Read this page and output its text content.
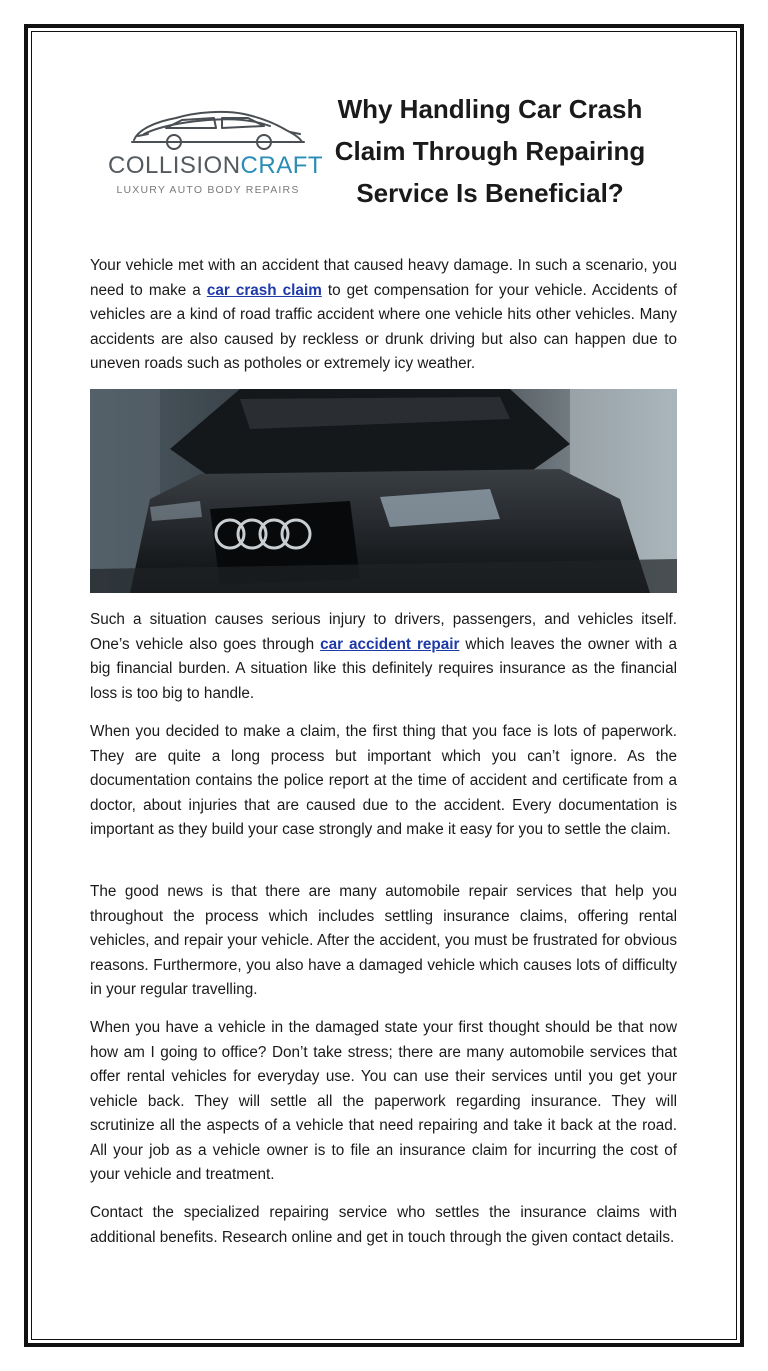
COLLISIONCRAFT
LUXURY AUTO BODY REPAIRS
Why Handling Car Crash Claim Through Repairing Service Is Beneficial?

Your vehicle met with an accident that caused heavy damage. In such a scenario, you need to make a car crash claim to get compensation for your vehicle. Accidents of vehicles are a kind of road traffic accident where one vehicle hits other vehicles. Many accidents are also caused by reckless or drunk driving but also can happen due to uneven roads such as potholes or extremely icy weather.

Such a situation causes serious injury to drivers, passengers, and vehicles itself. One’s vehicle also goes through car accident repair which leaves the owner with a big financial burden. A situation like this definitely requires insurance as the financial loss is too big to handle.

When you decided to make a claim, the first thing that you face is lots of paperwork. They are quite a long process but important which you can’t ignore. As the documentation contains the police report at the time of accident and certificate from a doctor, about injuries that are caused due to the accident. Every documentation is important as they build your case strongly and make it easy for you to settle the claim.

The good news is that there are many automobile repair services that help you throughout the process which includes settling insurance claims, offering rental vehicles, and repair your vehicle. After the accident, you must be frustrated for obvious reasons. Furthermore, you also have a damaged vehicle which causes lots of difficulty in your regular travelling.

When you have a vehicle in the damaged state your first thought should be that now how am I going to office? Don’t take stress; there are many automobile services that offer rental vehicles for everyday use. You can use their services until you get your vehicle back. They will settle all the paperwork regarding insurance. They will scrutinize all the aspects of a vehicle that need repairing and take it back at the road. All your job as a vehicle owner is to file an insurance claim for incurring the cost of your vehicle and treatment.

Contact the specialized repairing service who settles the insurance claims with additional benefits. Research online and get in touch through the given contact details.
